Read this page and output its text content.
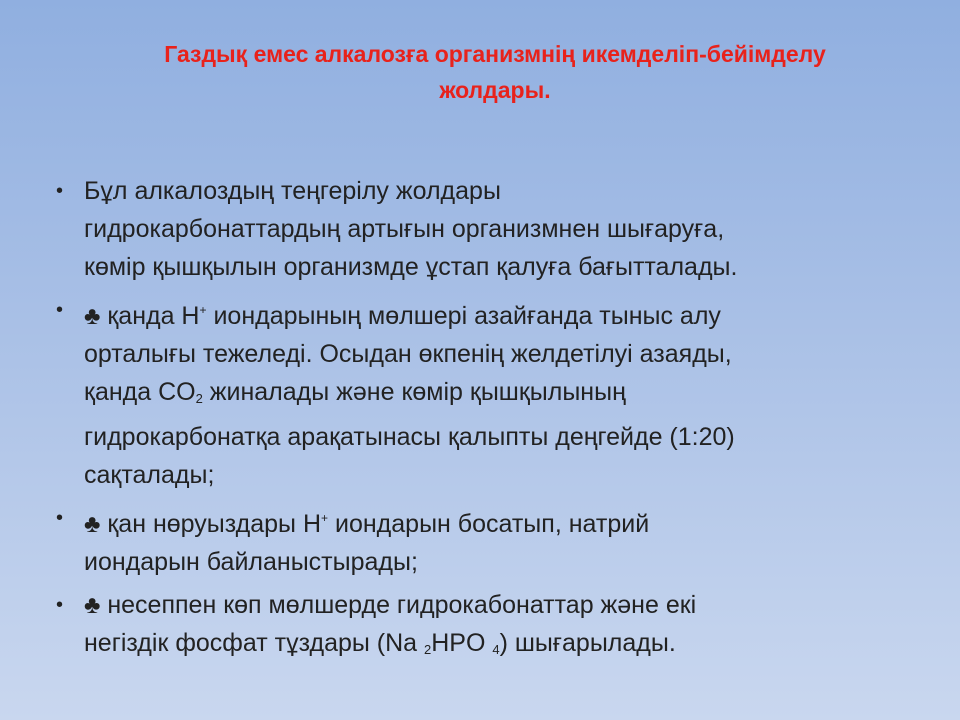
Газдық емес алкалозға организмнің икемделіп-бейімделу
жолдары.
• Бұл алкалоздың теңгерілу жолдары
гидрокарбонаттардың артығын организмнен шығаруға,
көмір қышқылын организмде ұстап қалуға бағытталады.
• ♣ қанда H+ иондарының мөлшері азайғанда тыныс алу
орталығы тежеледі. Осыдан өкпенің желдетілуі азаяды,
қанда $CO_2$ жиналады және көмір қышқылының
гидрокарбонатқа арақатынасы қалыпты деңгейде (1:20)
сақталады;
• ♣ қан нөруыздары H+ иондарын босатып, натрий
иондарын байланыстырады;
• ♣ несеппен көп мөлшерде гидрокабонаттар және екі
негіздік фосфат тұздары (Na $_2$HPO $_4$) шығарылады.
